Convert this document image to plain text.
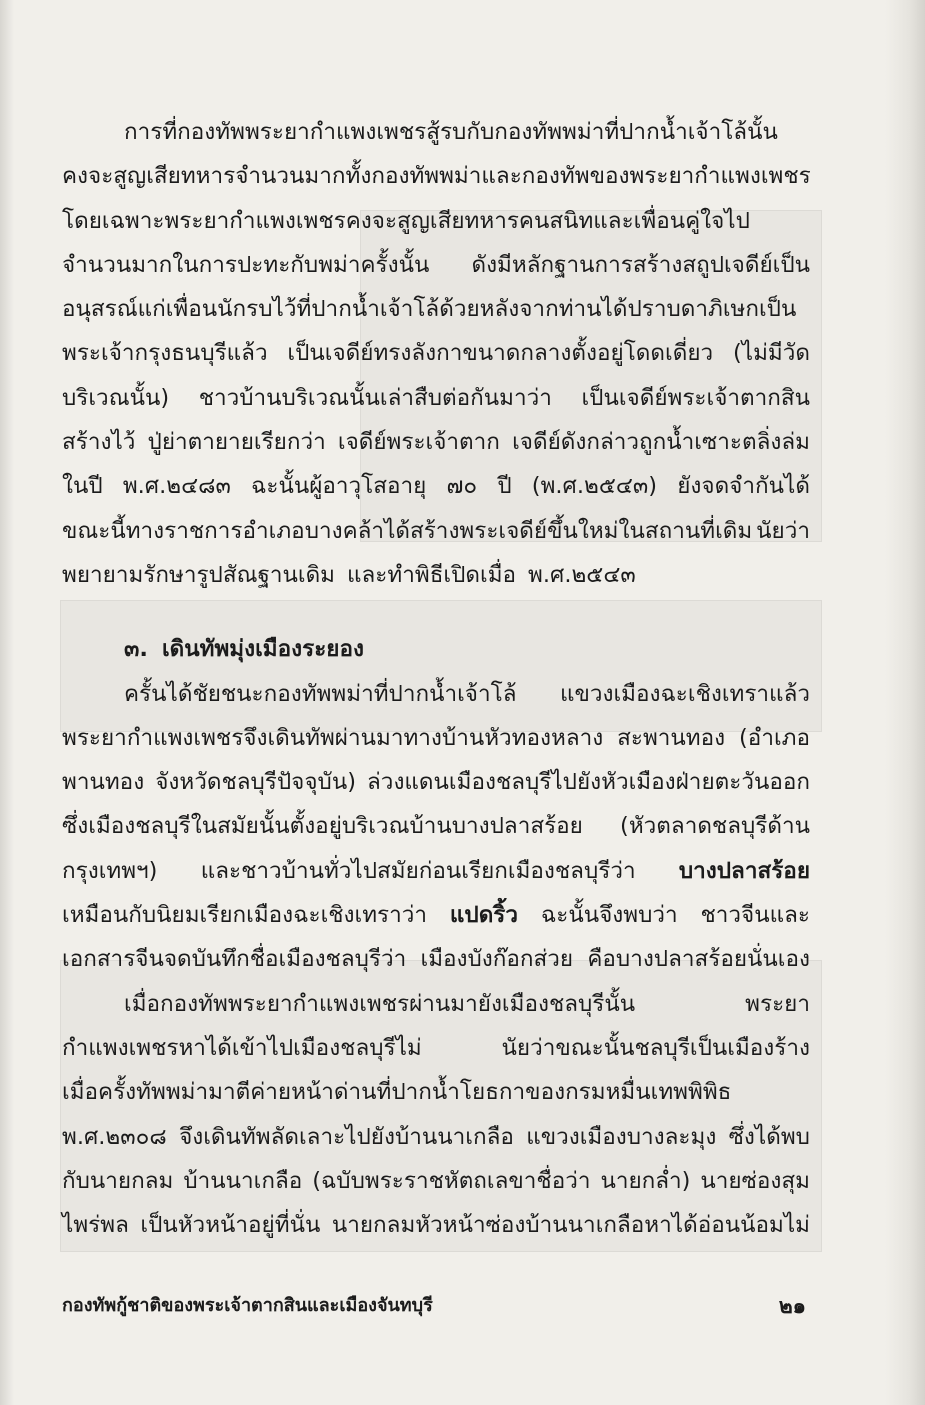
การที่กองทัพพระยากำแพงเพชรสู้รบกับกองทัพพม่าที่ปากน้ำเจ้าโล้นั้น
คงจะสูญเสียทหารจำนวนมากทั้งกองทัพพม่าและกองทัพของพระยากำแพงเพชร
โดยเฉพาะพระยากำแพงเพชรคงจะสูญเสียทหารคนสนิทและเพื่อนคู่ใจไป
จำนวนมากในการปะทะกับพม่าครั้งนั้น ดังมีหลักฐานการสร้างสถูปเจดีย์เป็น
อนุสรณ์แก่เพื่อนนักรบไว้ที่ปากน้ำเจ้าโล้ด้วยหลังจากท่านได้ปราบดาภิเษกเป็น
พระเจ้ากรุงธนบุรีแล้ว เป็นเจดีย์ทรงลังกาขนาดกลางตั้งอยู่โดดเดี่ยว (ไม่มีวัด
บริเวณนั้น) ชาวบ้านบริเวณนั้นเล่าสืบต่อกันมาว่า เป็นเจดีย์พระเจ้าตากสิน
สร้างไว้ ปู่ย่าตายายเรียกว่า เจดีย์พระเจ้าตาก เจดีย์ดังกล่าวถูกน้ำเซาะตลิ่งล่ม
ในปี พ.ศ.๒๔๘๓ ฉะนั้นผู้อาวุโสอายุ ๗๐ ปี (พ.ศ.๒๕๔๓) ยังจดจำกันได้
ขณะนี้ทางราชการอำเภอบางคล้าได้สร้างพระเจดีย์ขึ้นใหม่ในสถานที่เดิม นัยว่า
พยายามรักษารูปสัณฐานเดิม และทำพิธีเปิดเมื่อ พ.ศ.๒๕๔๓
๓. เดินทัพมุ่งเมืองระยอง
ครั้นได้ชัยชนะกองทัพพม่าที่ปากน้ำเจ้าโล้ แขวงเมืองฉะเชิงเทราแล้ว
พระยากำแพงเพชรจึงเดินทัพผ่านมาทางบ้านหัวทองหลาง สะพานทอง (อำเภอ
พานทอง จังหวัดชลบุรีปัจจุบัน) ล่วงแดนเมืองชลบุรีไปยังหัวเมืองฝ่ายตะวันออก
ซึ่งเมืองชลบุรีในสมัยนั้นตั้งอยู่บริเวณบ้านบางปลาสร้อย (หัวตลาดชลบุรีด้าน
กรุงเทพฯ) และชาวบ้านทั่วไปสมัยก่อนเรียกเมืองชลบุรีว่า บางปลาสร้อย
เหมือนกับนิยมเรียกเมืองฉะเชิงเทราว่า แปดริ้ว ฉะนั้นจึงพบว่า ชาวจีนและ
เอกสารจีนจดบันทึกชื่อเมืองชลบุรีว่า เมืองบังก๊อกส่วย คือบางปลาสร้อยนั่นเอง
เมื่อกองทัพพระยากำแพงเพชรผ่านมายังเมืองชลบุรีนั้น	พระยา
กำแพงเพชรหาได้เข้าไปเมืองชลบุรีไม่	นัยว่าขณะนั้นชลบุรีเป็นเมืองร้าง
เมื่อครั้งทัพพม่ามาตีค่ายหน้าด่านที่ปากน้ำโยธกาของกรมหมื่นเทพพิพิธ
พ.ศ.๒๓๐๘ จึงเดินทัพลัดเลาะไปยังบ้านนาเกลือ แขวงเมืองบางละมุง ซึ่งได้พบ
กับนายกลม บ้านนาเกลือ (ฉบับพระราชหัตถเลขาชื่อว่า นายกล่ำ) นายซ่องสุม
ไพร่พล เป็นหัวหน้าอยู่ที่นั่น นายกลมหัวหน้าซ่องบ้านนาเกลือหาได้อ่อนน้อมไม่
กองทัพกู้ชาติของพระเจ้าตากสินและเมืองจันทบุรี	๒๑
